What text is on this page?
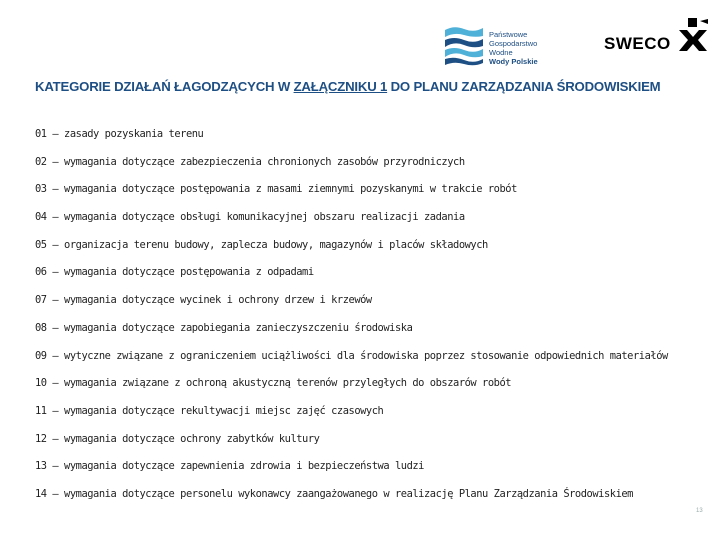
Państwowe
Gospodarstwo Wodne
Wody Polskie
SWECO
KATEGORIE DZIAŁAŃ ŁAGODZĄCYCH W ZAŁĄCZNIKU 1 DO PLANU ZARZĄDZANIA ŚRODOWISKIEM
01 – zasady pozyskania terenu
02 – wymagania dotyczące zabezpieczenia chronionych zasobów przyrodniczych
03 – wymagania dotyczące postępowania z masami ziemnymi pozyskanymi w trakcie robót
04 – wymagania dotyczące obsługi komunikacyjnej obszaru realizacji zadania
05 – organizacja terenu budowy, zaplecza budowy, magazynów i placów składowych
06 – wymagania dotyczące postępowania z odpadami
07 – wymagania dotyczące wycinek i ochrony drzew i krzewów
08 – wymagania dotyczące zapobiegania zanieczyszczeniu środowiska
09 – wytyczne związane z ograniczeniem uciążliwości dla środowiska poprzez stosowanie odpowiednich materiałów
10 – wymagania związane z ochroną akustyczną terenów przyległych do obszarów robót
11 – wymagania dotyczące rekultywacji miejsc zajęć czasowych
12 – wymagania dotyczące ochrony zabytków kultury
13 – wymagania dotyczące zapewnienia zdrowia i bezpieczeństwa ludzi
14 – wymagania dotyczące personelu wykonawcy zaangażowanego w realizację Planu Zarządzania Środowiskiem
13
